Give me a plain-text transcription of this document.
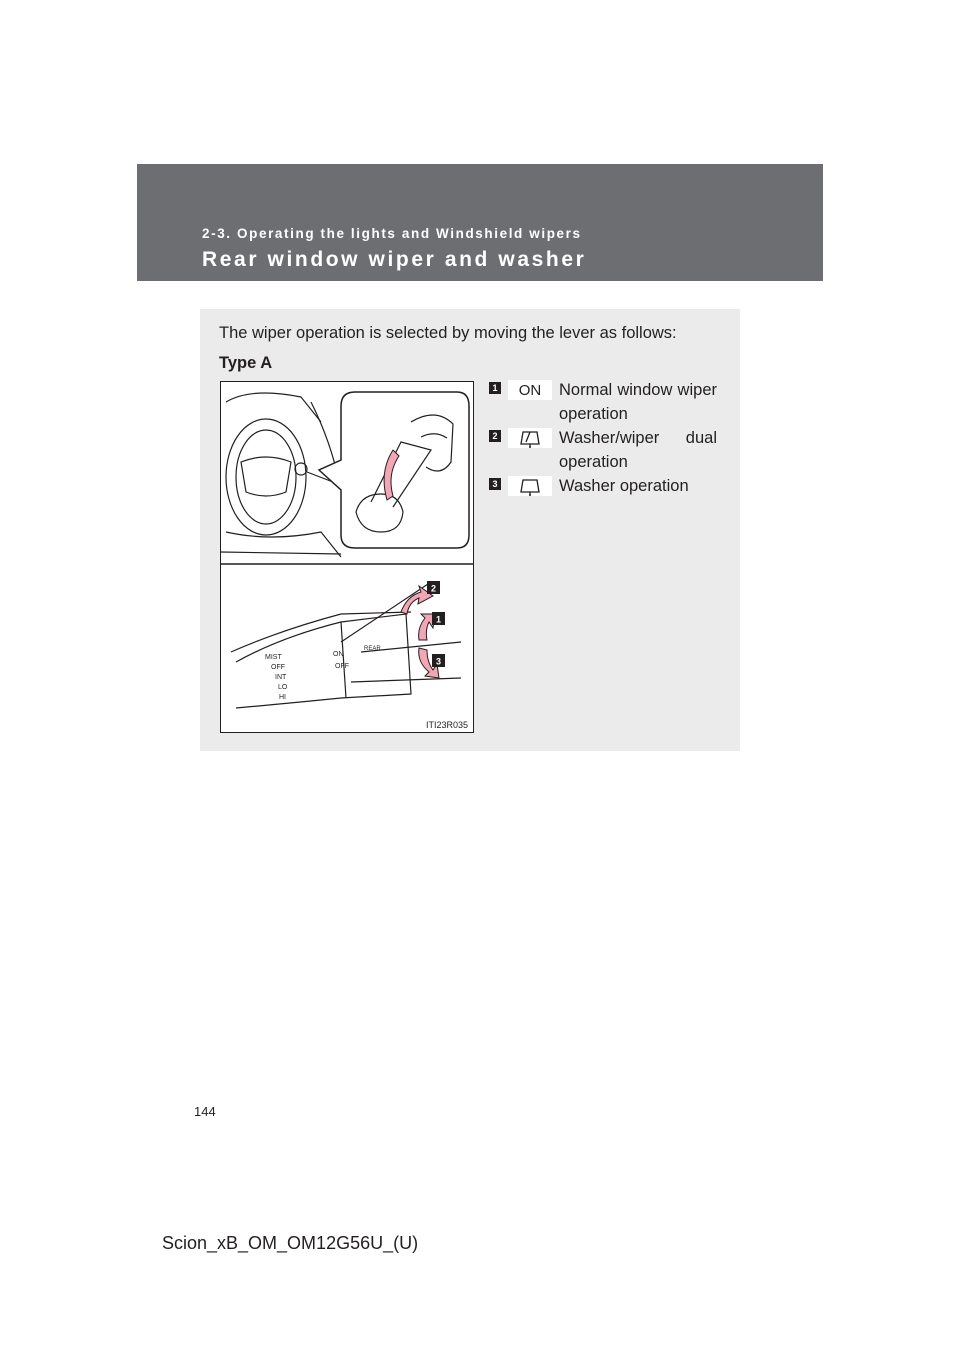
2-3. Operating the lights and Windshield wipers
Rear window wiper and washer
The wiper operation is selected by moving the lever as follows:
Type A
MIST
OFF
INT
LO
HI
ON
OFF
REAR
2
1
3
ITI23R035
1	ON	Normal window wiper operation
2	Washer/wiper dual operation
3	Washer operation
144
Scion_xB_OM_OM12G56U_(U)
